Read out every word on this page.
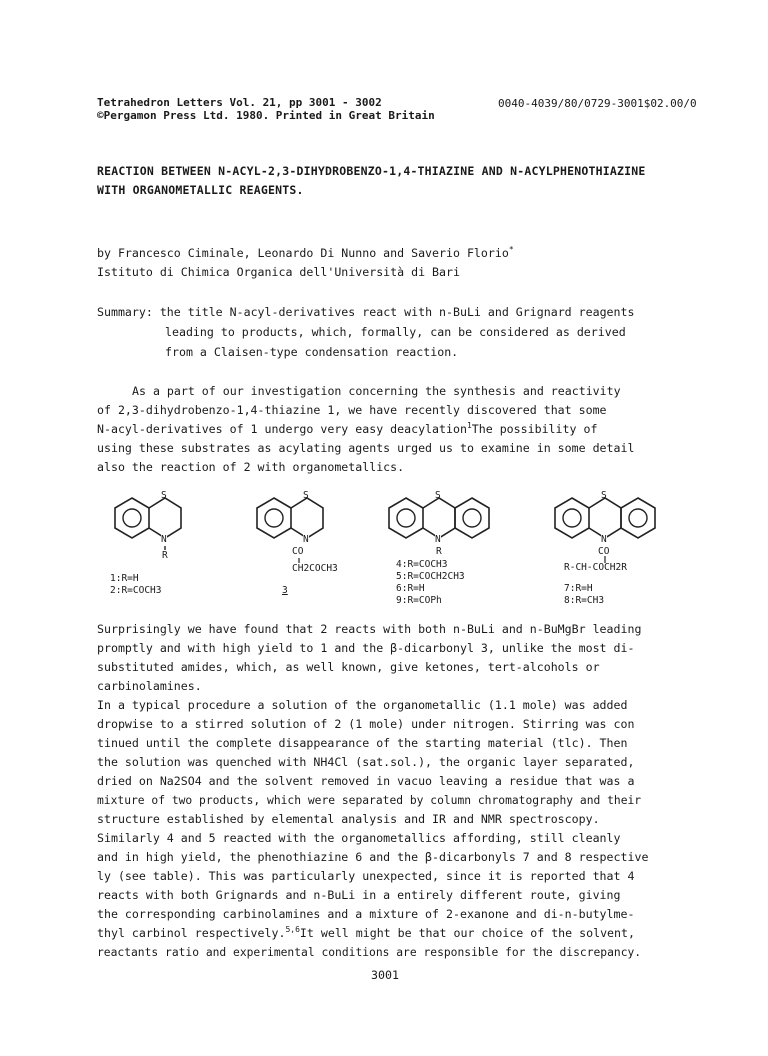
Tetrahedron Letters Vol. 21, pp 3001 - 3002
©Pergamon Press Ltd. 1980. Printed in Great Britain
0040-4039/80/0729-3001$02.00/0
REACTION BETWEEN N-ACYL-2,3-DIHYDROBENZO-1,4-THIAZINE AND N-ACYLPHENOTHIAZINE
WITH ORGANOMETALLIC REAGENTS.
by Francesco Ciminale, Leonardo Di Nunno and Saverio Florio*
Istituto di Chimica Organica dell'Università di Bari
Summary: the title N-acyl-derivatives react with n-BuLi and Grignard reagents
leading to products, which, formally, can be considered as derived
from a Claisen-type condensation reaction.
As a part of our investigation concerning the synthesis and reactivity
of 2,3-dihydrobenzo-1,4-thiazine 1, we have recently discovered that some
N-acyl-derivatives of 1 undergo very easy deacylation$^1$The possibility of
using these substrates as acylating agents urged us to examine in some detail
also the reaction of 2 with organometallics.
S
N
R
1:R=H
2:R=COCH3
S
N
CO
CH2COCH3
3
S
N
R
4:R=COCH3
5:R=COCH2CH3
6:R=H
9:R=COPh
S
N
CO
R-CH-COCH2R
7:R=H
8:R=CH3
Surprisingly we have found that 2 reacts with both n-BuLi and n-BuMgBr leading
promptly and with high yield to 1 and the β-dicarbonyl 3, unlike the most di-
substituted amides, which, as well known, give ketones, tert-alcohols or
carbinolamines.
In a typical procedure a solution of the organometallic (1.1 mole) was added
dropwise to a stirred solution of 2 (1 mole) under nitrogen. Stirring was con
tinued until the complete disappearance of the starting material (tlc). Then
the solution was quenched with NH4Cl (sat.sol.), the organic layer separated,
dried on Na2SO4 and the solvent removed in vacuo leaving a residue that was a
mixture of two products, which were separated by column chromatography and their
structure established by elemental analysis and IR and NMR spectroscopy.
Similarly 4 and 5 reacted with the organometallics affording, still cleanly
and in high yield, the phenothiazine 6 and the β-dicarbonyls 7 and 8 respective
ly (see table). This was particularly unexpected, since it is reported that 4
reacts with both Grignards and n-BuLi in a entirely different route, giving
the corresponding carbinolamines and a mixture of 2-exanone and di-n-butylme-
thyl carbinol respectively.$^{5,6}$It well might be that our choice of the solvent,
reactants ratio and experimental conditions are responsible for the discrepancy.
3001
